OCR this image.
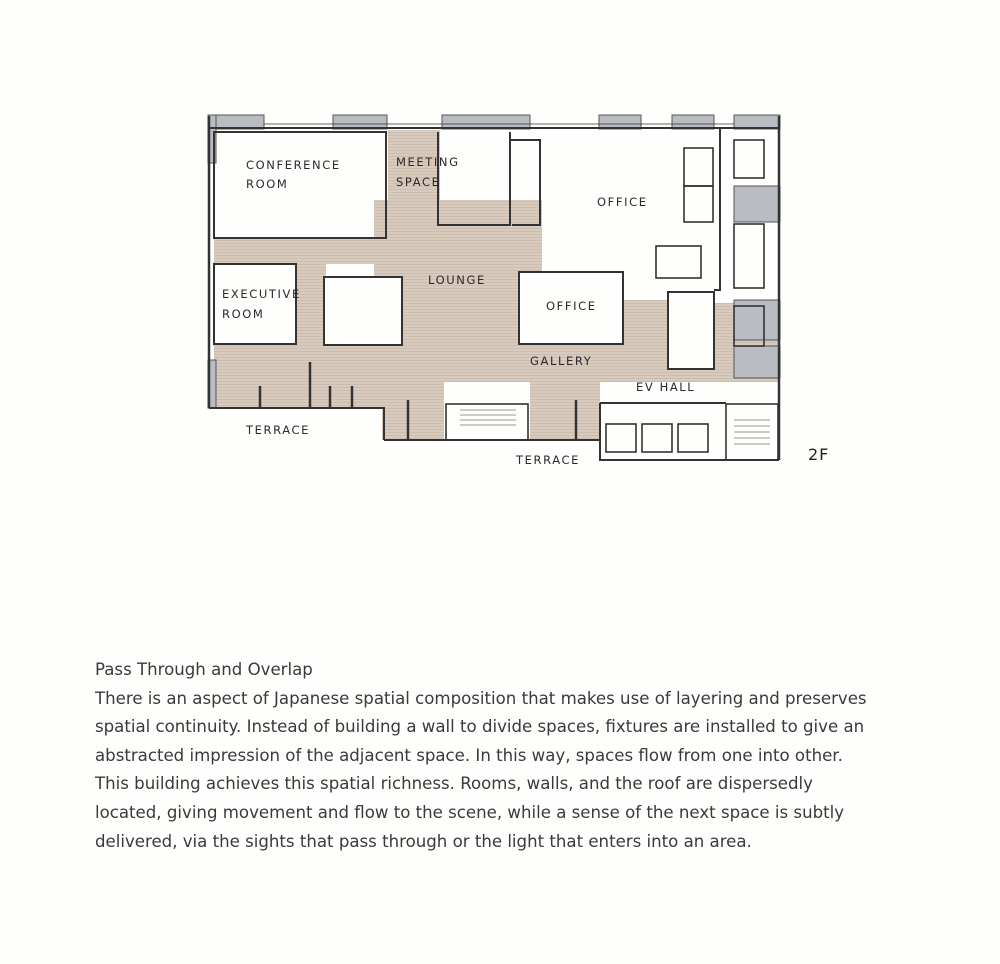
CONFERENCE
ROOM
MEETING
SPACE
OFFICE
LOUNGE
EXECUTIVE
ROOM
OFFICE
GALLERY
EV HALL
TERRACE
TERRACE	2F

Pass Through and Overlap

There is an aspect of Japanese spatial composition that makes use of layering and preserves spatial continuity. Instead of building a wall to divide spaces, fixtures are installed to give an abstracted impression of the adjacent space. In this way, spaces flow from one into other. This building achieves this spatial richness. Rooms, walls, and the roof are dispersedly located, giving movement and flow to the scene, while a sense of the next space is subtly delivered, via the sights that pass through or the light that enters into an area.
